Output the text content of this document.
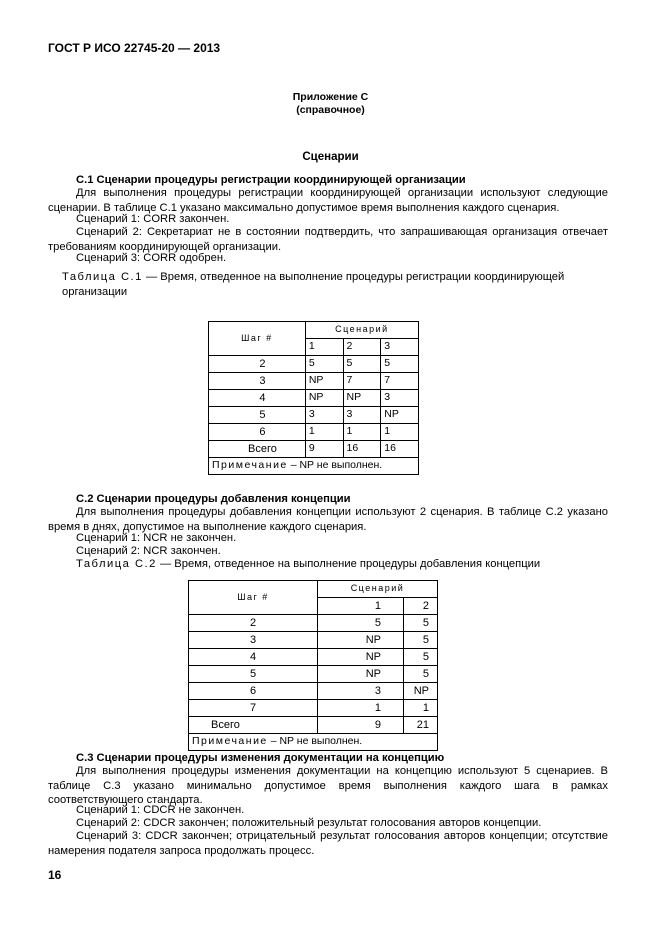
ГОСТ Р ИСО 22745-20 — 2013
Приложение С
(справочное)
Сценарии
С.1 Сценарии процедуры регистрации координирующей организации
Для выполнения процедуры регистрации координирующей организации используют следующие сценарии. В таблице С.1 указано максимально допустимое время выполнения каждого сценария.
Сценарий 1: CORR закончен.
Сценарий 2: Секретариат не в состоянии подтвердить, что запрашивающая организация отвечает требованиям координирующей организации.
Сценарий 3: CORR одобрен.
Таблица С.1 — Время, отведенное на выполнение процедуры регистрации координирующей организации
Шаг #	Сценарий		
	1	2	3
2	5	5	5
3	NP	7	7
4	NP	NP	3
5	3	3	NP
6	1	1	1
Всего	9	16	16
Примечание – NP не выполнен.			
С.2 Сценарии процедуры добавления концепции
Для выполнения процедуры добавления концепции используют 2 сценария. В таблице С.2 указано время в днях, допустимое на выполнение каждого сценария.
Сценарий 1: NCR не закончен.
Сценарий 2: NCR закончен.
Таблица С.2 — Время, отведенное на выполнение процедуры добавления концепции
Шаг #	Сценарий	
	1	2
2	5	5
3	NP	5
4	NP	5
5	NP	5
6	3	NP
7	1	1
Всего	9	21
Примечание – NP не выполнен.		
С.3 Сценарии процедуры изменения документации на концепцию
Для выполнения процедуры изменения документации на концепцию используют 5 сценариев. В таблице С.3 указано минимально допустимое время выполнения каждого шага в рамках соответствующего стандарта.
Сценарий 1: CDCR не закончен.
Сценарий 2: CDCR закончен; положительный результат голосования авторов концепции.
Сценарий 3: CDCR закончен; отрицательный результат голосования авторов концепции; отсутствие намерения подателя запроса продолжать процесс.
16
